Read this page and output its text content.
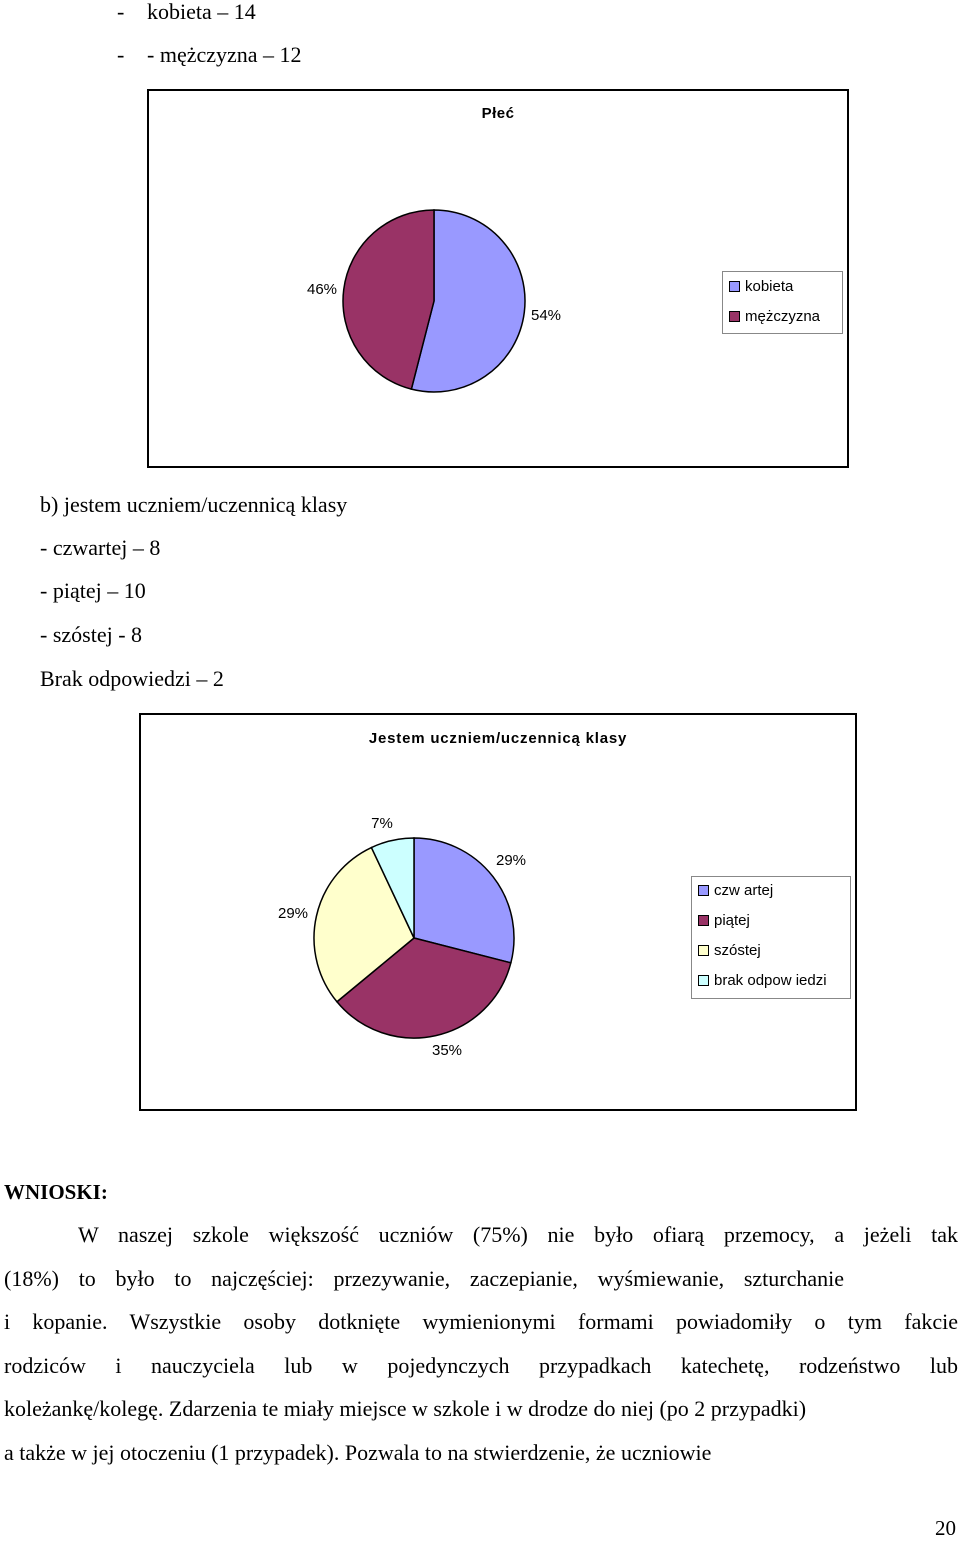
- kobieta – 14
- - mężczyzna – 12
Płeć
54%
46%	kobieta
mężczyzna
b) jestem uczniem/uczennicą klasy
- czwartej – 8
- piątej – 10
- szóstej - 8
Brak odpowiedzi – 2
Jestem uczniem/uczennicą klasy
29%
35%
29%
7%
czw artej
piątej
szóstej
brak odpow iedzi
WNIOSKI:
W naszej szkole większość uczniów (75%) nie było ofiarą przemocy, a jeżeli tak
(18%) to było to najczęściej: przezywanie, zaczepianie, wyśmiewanie, szturchanie
i kopanie. Wszystkie osoby dotknięte wymienionymi formami powiadomiły o tym fakcie
rodziców i nauczyciela lub w pojedynczych przypadkach katechetę, rodzeństwo lub
koleżankę/kolegę. Zdarzenia te miały miejsce w szkole i w drodze do niej (po 2 przypadki)
a także w jej otoczeniu (1 przypadek). Pozwala to na stwierdzenie, że uczniowie
20
